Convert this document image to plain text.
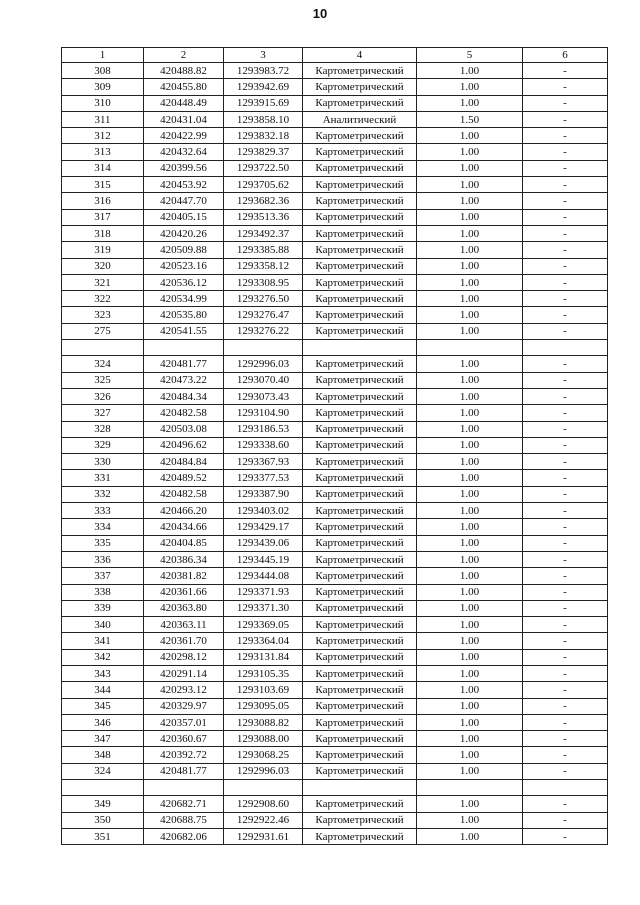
10
1	2	3	4	5	6
308	420488.82	1293983.72	Картометрический	1.00	-
309	420455.80	1293942.69	Картометрический	1.00	-
310	420448.49	1293915.69	Картометрический	1.00	-
311	420431.04	1293858.10	Аналитический	1.50	-
312	420422.99	1293832.18	Картометрический	1.00	-
313	420432.64	1293829.37	Картометрический	1.00	-
314	420399.56	1293722.50	Картометрический	1.00	-
315	420453.92	1293705.62	Картометрический	1.00	-
316	420447.70	1293682.36	Картометрический	1.00	-
317	420405.15	1293513.36	Картометрический	1.00	-
318	420420.26	1293492.37	Картометрический	1.00	-
319	420509.88	1293385.88	Картометрический	1.00	-
320	420523.16	1293358.12	Картометрический	1.00	-
321	420536.12	1293308.95	Картометрический	1.00	-
322	420534.99	1293276.50	Картометрический	1.00	-
323	420535.80	1293276.47	Картометрический	1.00	-
275	420541.55	1293276.22	Картометрический	1.00	-

324	420481.77	1292996.03	Картометрический	1.00	-
325	420473.22	1293070.40	Картометрический	1.00	-
326	420484.34	1293073.43	Картометрический	1.00	-
327	420482.58	1293104.90	Картометрический	1.00	-
328	420503.08	1293186.53	Картометрический	1.00	-
329	420496.62	1293338.60	Картометрический	1.00	-
330	420484.84	1293367.93	Картометрический	1.00	-
331	420489.52	1293377.53	Картометрический	1.00	-
332	420482.58	1293387.90	Картометрический	1.00	-
333	420466.20	1293403.02	Картометрический	1.00	-
334	420434.66	1293429.17	Картометрический	1.00	-
335	420404.85	1293439.06	Картометрический	1.00	-
336	420386.34	1293445.19	Картометрический	1.00	-
337	420381.82	1293444.08	Картометрический	1.00	-
338	420361.66	1293371.93	Картометрический	1.00	-
339	420363.80	1293371.30	Картометрический	1.00	-
340	420363.11	1293369.05	Картометрический	1.00	-
341	420361.70	1293364.04	Картометрический	1.00	-
342	420298.12	1293131.84	Картометрический	1.00	-
343	420291.14	1293105.35	Картометрический	1.00	-
344	420293.12	1293103.69	Картометрический	1.00	-
345	420329.97	1293095.05	Картометрический	1.00	-
346	420357.01	1293088.82	Картометрический	1.00	-
347	420360.67	1293088.00	Картометрический	1.00	-
348	420392.72	1293068.25	Картометрический	1.00	-
324	420481.77	1292996.03	Картометрический	1.00	-

349	420682.71	1292908.60	Картометрический	1.00	-
350	420688.75	1292922.46	Картометрический	1.00	-
351	420682.06	1292931.61	Картометрический	1.00	-
